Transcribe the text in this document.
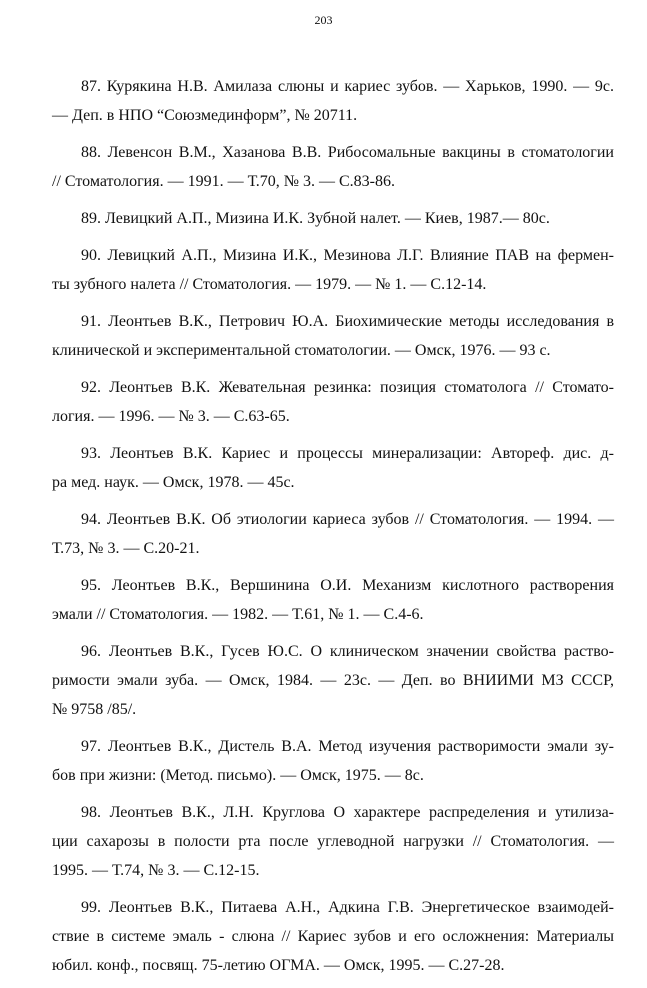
203
87. Курякина Н.В. Амилаза слюны и кариес зубов. — Харьков, 1990. — 9с.
— Деп. в НПО “Союзмединформ”, № 20711.
88. Левенсон В.М., Хазанова В.В. Рибосомальные вакцины в стоматологии
// Стоматология. — 1991. — Т.70, № 3. — С.83-86.
89. Левицкий А.П., Мизина И.К. Зубной налет. — Киев, 1987.— 80с.
90. Левицкий А.П., Мизина И.К., Мезинова Л.Г. Влияние ПАВ на фермен-
ты зубного налета // Стоматология. — 1979. — № 1. — С.12-14.
91. Леонтьев В.К., Петрович Ю.А. Биохимические методы исследования в
клинической и экспериментальной стоматологии. — Омск, 1976. — 93 с.
92. Леонтьев В.К. Жевательная резинка: позиция стоматолога // Стомато-
логия. — 1996. — № 3. — С.63-65.
93. Леонтьев В.К. Кариес и процессы минерализации: Автореф. дис. д-
ра мед. наук. — Омск, 1978. — 45с.
94. Леонтьев В.К. Об этиологии кариеса зубов // Стоматология. — 1994. —
Т.73, № 3. — С.20-21.
95. Леонтьев В.К., Вершинина О.И. Механизм кислотного растворения
эмали // Стоматология. — 1982. — Т.61, № 1. — С.4-6.
96. Леонтьев В.К., Гусев Ю.С. О клиническом значении свойства раство-
римости эмали зуба. — Омск, 1984. — 23с. — Деп. во ВНИИМИ МЗ СССР,
№ 9758 /85/.
97. Леонтьев В.К., Дистель В.А. Метод изучения растворимости эмали зу-
бов при жизни: (Метод. письмо). — Омск, 1975. — 8с.
98. Леонтьев В.К., Л.Н. Круглова О характере распределения и утилиза-
ции сахарозы в полости рта после углеводной нагрузки // Стоматология. —
1995. — Т.74, № 3. — С.12-15.
99. Леонтьев В.К., Питаева А.Н., Адкина Г.В. Энергетическое взаимодей-
ствие в системе эмаль - слюна // Кариес зубов и его осложнения: Материалы
юбил. конф., посвящ. 75-летию ОГМА. — Омск, 1995. — С.27-28.
